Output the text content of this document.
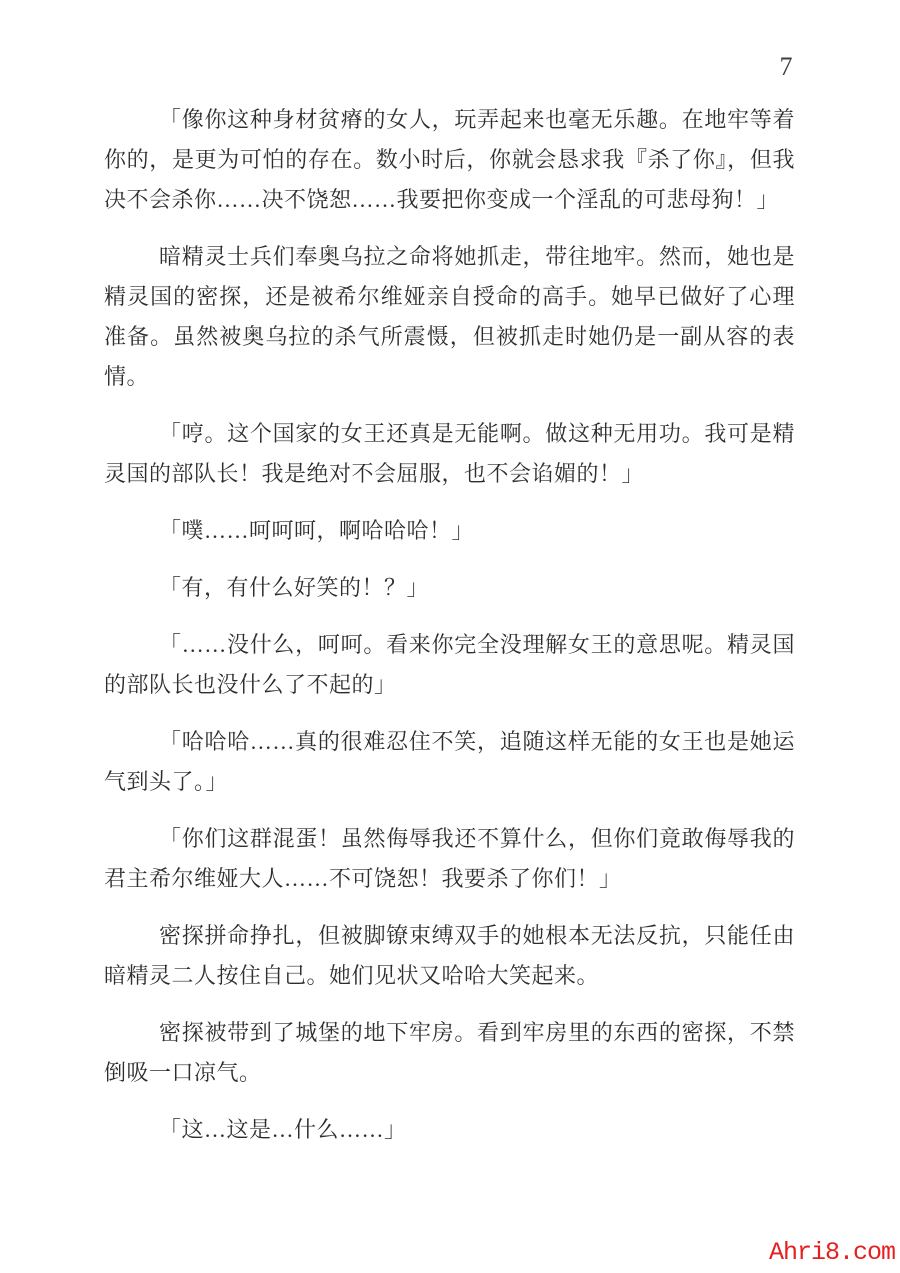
7

「像你这种身材贫瘠的女人，玩弄起来也毫无乐趣。在地牢等着你的，是更为可怕的存在。数小时后，你就会恳求我『杀了你』，但我决不会杀你……决不饶恕……我要把你变成一个淫乱的可悲母狗！」

暗精灵士兵们奉奥乌拉之命将她抓走，带往地牢。然而，她也是精灵国的密探，还是被希尔维娅亲自授命的高手。她早已做好了心理准备。虽然被奥乌拉的杀气所震慑，但被抓走时她仍是一副从容的表情。

「哼。这个国家的女王还真是无能啊。做这种无用功。我可是精灵国的部队长！我是绝对不会屈服，也不会谄媚的！」

「噗……呵呵呵，啊哈哈哈！」

「有，有什么好笑的！？」

「……没什么，呵呵。看来你完全没理解女王的意思呢。精灵国的部队长也没什么了不起的」

「哈哈哈……真的很难忍住不笑，追随这样无能的女王也是她运气到头了。」

「你们这群混蛋！虽然侮辱我还不算什么，但你们竟敢侮辱我的君主希尔维娅大人……不可饶恕！我要杀了你们！」

密探拼命挣扎，但被脚镣束缚双手的她根本无法反抗，只能任由暗精灵二人按住自己。她们见状又哈哈大笑起来。

密探被带到了城堡的地下牢房。看到牢房里的东西的密探，不禁倒吸一口凉气。

「这…这是…什么……」

Ahri8.com
